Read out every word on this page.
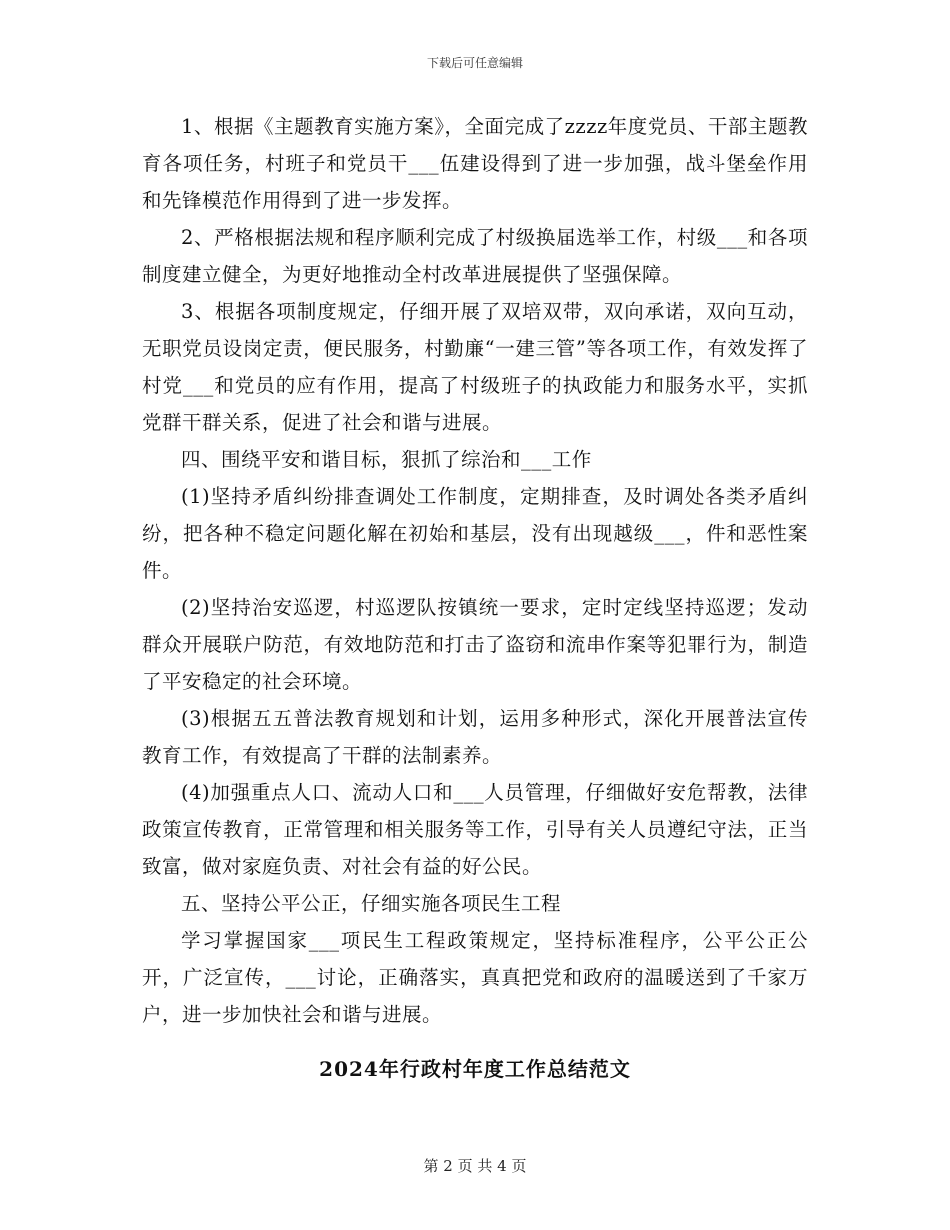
下载后可任意编辑

1、根据《主题教育实施方案》，全面完成了zzzz年度党员、干部主题教育各项任务，村班子和党员干___伍建设得到了进一步加强，战斗堡垒作用和先锋模范作用得到了进一步发挥。

2、严格根据法规和程序顺利完成了村级换届选举工作，村级___和各项制度建立健全，为更好地推动全村改革进展提供了坚强保障。

3、根据各项制度规定，仔细开展了双培双带，双向承诺，双向互动，无职党员设岗定责，便民服务，村勤廉“一建三管”等各项工作，有效发挥了村党___和党员的应有作用，提高了村级班子的执政能力和服务水平，实抓党群干群关系，促进了社会和谐与进展。

四、围绕平安和谐目标，狠抓了综治和___工作

(1)坚持矛盾纠纷排查调处工作制度，定期排查，及时调处各类矛盾纠纷，把各种不稳定问题化解在初始和基层，没有出现越级___，件和恶性案件。

(2)坚持治安巡逻，村巡逻队按镇统一要求，定时定线坚持巡逻；发动群众开展联户防范，有效地防范和打击了盗窃和流串作案等犯罪行为，制造了平安稳定的社会环境。

(3)根据五五普法教育规划和计划，运用多种形式，深化开展普法宣传教育工作，有效提高了干群的法制素养。

(4)加强重点人口、流动人口和___人员管理，仔细做好安危帮教，法律政策宣传教育，正常管理和相关服务等工作，引导有关人员遵纪守法，正当致富，做对家庭负责、对社会有益的好公民。

五、坚持公平公正，仔细实施各项民生工程

学习掌握国家___项民生工程政策规定，坚持标准程序，公平公正公开，广泛宣传，___讨论，正确落实，真真把党和政府的温暖送到了千家万户，进一步加快社会和谐与进展。

2024年行政村年度工作总结范文
第 2 页 共 4 页
